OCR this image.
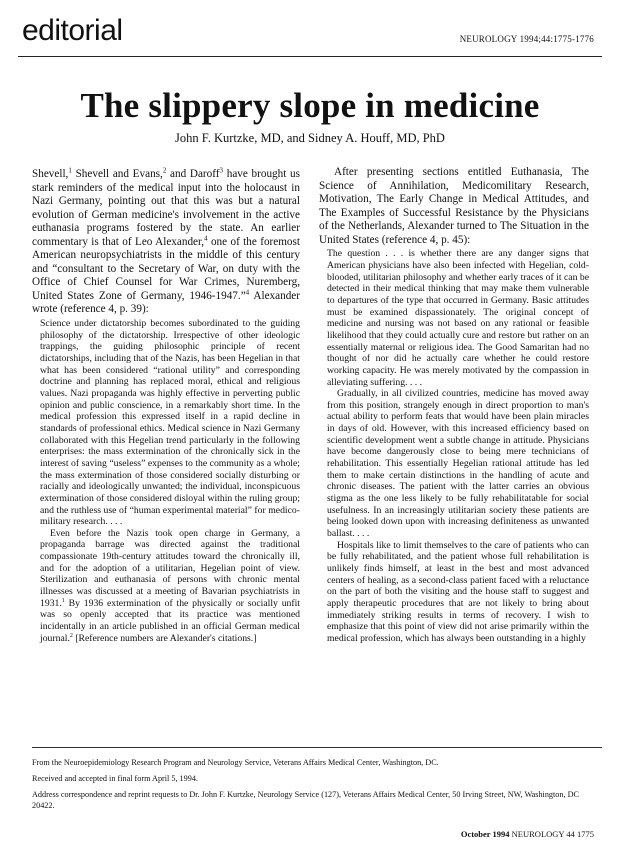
editorial	NEUROLOGY 1994;44:1775-1776
The slippery slope in medicine
John F. Kurtzke, MD, and Sidney A. Houff, MD, PhD

Shevell,$^1$ Shevell and Evans,$^2$ and Daroff$^3$ have brought us stark reminders of the medical input into the holocaust in Nazi Germany, pointing out that this was but a natural evolution of German medicine's involvement in the active euthanasia programs fostered by the state. An earlier commentary is that of Leo Alexander,$^4$ one of the foremost American neuropsychiatrists in the middle of this century and “consultant to the Secretary of War, on duty with the Office of Chief Counsel for War Crimes, Nuremberg, United States Zone of Germany, 1946-1947.”$^4$ Alexander wrote (reference 4, p. 39):

Science under dictatorship becomes subordinated to the guiding philosophy of the dictatorship. Irrespective of other ideologic trappings, the guiding philosophic principle of recent dictatorships, including that of the Nazis, has been Hegelian in that what has been considered “rational utility” and corresponding doctrine and planning has replaced moral, ethical and religious values. Nazi propaganda was highly effective in perverting public opinion and public conscience, in a remarkably short time. In the medical profession this expressed itself in a rapid decline in standards of professional ethics. Medical science in Nazi Germany collaborated with this Hegelian trend particularly in the following enterprises: the mass extermination of the chronically sick in the interest of saving “useless” expenses to the community as a whole; the mass extermination of those considered socially disturbing or racially and ideologically unwanted; the individual, inconspicuous extermination of those considered disloyal within the ruling group; and the ruthless use of “human experimental material” for medico-military research. . . .

Even before the Nazis took open charge in Germany, a propaganda barrage was directed against the traditional compassionate 19th-century attitudes toward the chronically ill, and for the adoption of a utilitarian, Hegelian point of view. Sterilization and euthanasia of persons with chronic mental illnesses was discussed at a meeting of Bavarian psychiatrists in 1931.$^1$ By 1936 extermination of the physically or socially unfit was so openly accepted that its practice was mentioned incidentally in an article published in an official German medical journal.$^2$ [Reference numbers are Alexander's citations.]

After presenting sections entitled Euthanasia, The Science of Annihilation, Medicomilitary Research, Motivation, The Early Change in Medical Attitudes, and The Examples of Successful Resistance by the Physicians of the Netherlands, Alexander turned to The Situation in the United States (reference 4, p. 45):

The question . . . is whether there are any danger signs that American physicians have also been infected with Hegelian, cold-blooded, utilitarian philosophy and whether early traces of it can be detected in their medical thinking that may make them vulnerable to departures of the type that occurred in Germany. Basic attitudes must be examined dispassionately. The original concept of medicine and nursing was not based on any rational or feasible likelihood that they could actually cure and restore but rather on an essentially maternal or religious idea. The Good Samaritan had no thought of nor did he actually care whether he could restore working capacity. He was merely motivated by the compassion in alleviating suffering. . . .

Gradually, in all civilized countries, medicine has moved away from this position, strangely enough in direct proportion to man's actual ability to perform feats that would have been plain miracles in days of old. However, with this increased efficiency based on scientific development went a subtle change in attitude. Physicians have become dangerously close to being mere technicians of rehabilitation. This essentially Hegelian rational attitude has led them to make certain distinctions in the handling of acute and chronic diseases. The patient with the latter carries an obvious stigma as the one less likely to be fully rehabilitatable for social usefulness. In an increasingly utilitarian society these patients are being looked down upon with increasing definiteness as unwanted ballast. . . .

Hospitals like to limit themselves to the care of patients who can be fully rehabilitated, and the patient whose full rehabilitation is unlikely finds himself, at least in the best and most advanced centers of healing, as a second-class patient faced with a reluctance on the part of both the visiting and the house staff to suggest and apply therapeutic procedures that are not likely to bring about immediately striking results in terms of recovery. I wish to emphasize that this point of view did not arise primarily within the medical profession, which has always been outstanding in a highly

From the Neuroepidemiology Research Program and Neurology Service, Veterans Affairs Medical Center, Washington, DC.

Received and accepted in final form April 5, 1994.

Address correspondence and reprint requests to Dr. John F. Kurtzke, Neurology Service (127), Veterans Affairs Medical Center, 50 Irving Street, NW, Washington, DC 20422.

October 1994 NEUROLOGY 44 1775
